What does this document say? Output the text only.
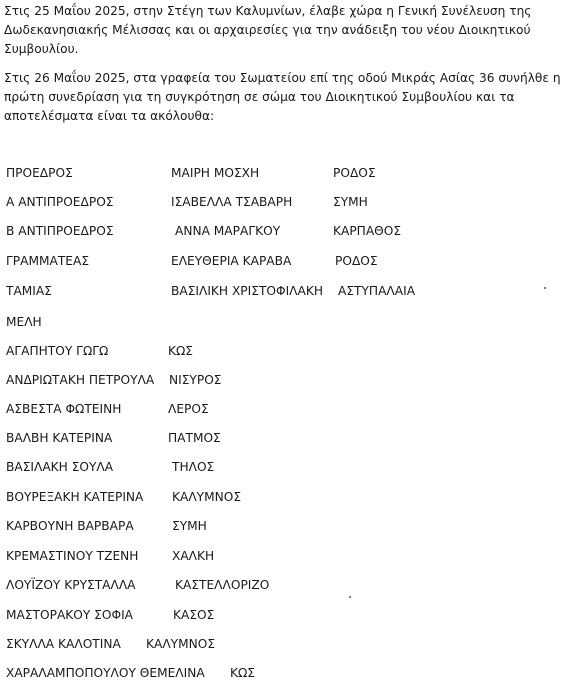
Στις 25 Μαΐου 2025, στην Στέγη των Καλυμνίων, έλαβε χώρα η Γενική Συνέλευση της Δωδεκανησιακής Μέλισσας και οι αρχαιρεσίες για την ανάδειξη του νέου Διοικητικού Συμβουλίου.

Στις 26 Μαΐου 2025, στα γραφεία του Σωματείου επί της οδού Μικράς Ασίας 36 συνήλθε η πρώτη συνεδρίαση για τη συγκρότηση σε σώμα του Διοικητικού Συμβουλίου και τα αποτελέσματα είναι τα ακόλουθα:

ΠΡΟΕΔΡΟΣ	ΜΑΙΡΗ ΜΟΣΧΗ	ΡΟΔΟΣ
Α ΑΝΤΙΠΡΟΕΔΡΟΣ	ΙΣΑΒΕΛΛΑ ΤΣΑΒΑΡΗ	ΣΥΜΗ
Β ΑΝΤΙΠΡΟΕΔΡΟΣ	ΑΝΝΑ ΜΑΡΑΓΚΟΥ	ΚΑΡΠΑΘΟΣ
ΓΡΑΜΜΑΤΕΑΣ	ΕΛΕΥΘΕΡΙΑ ΚΑΡΑΒΑ	ΡΟΔΟΣ
ΤΑΜΙΑΣ	ΒΑΣΙΛΙΚΗ ΧΡΙΣΤΟΦΙΛΑΚΗ ΑΣΤΥΠΑΛΑΙΑ
ΜΕΛΗ
ΑΓΑΠΗΤΟΥ ΓΩΓΩ	ΚΩΣ
ΑΝΔΡΙΩΤΑΚΗ ΠΕΤΡΟΥΛΑ ΝΙΣΥΡΟΣ
ΑΣΒΕΣΤΑ ΦΩΤΕΙΝΗ	ΛΕΡΟΣ
ΒΑΛΒΗ ΚΑΤΕΡΙΝΑ	ΠΑΤΜΟΣ
ΒΑΣΙΛΑΚΗ ΣΟΥΛΑ	ΤΗΛΟΣ
ΒΟΥΡΕΞΑΚΗ ΚΑΤΕΡΙΝΑ ΚΑΛΥΜΝΟΣ
ΚΑΡΒΟΥΝΗ ΒΑΡΒΑΡΑ	ΣΥΜΗ
ΚΡΕΜΑΣΤΙΝΟΥ ΤΖΕΝΗ	ΧΑΛΚΗ
ΛΟΥΪΖΟΥ ΚΡΥΣΤΑΛΛΑ	ΚΑΣΤΕΛΛΟΡΙΖΟ
ΜΑΣΤΟΡΑΚΟΥ ΣΟΦΙΑ	ΚΑΣΟΣ
ΣΚΥΛΛΑ ΚΑΛΟΤΙΝΑ ΚΑΛΥΜΝΟΣ
ΧΑΡΑΛΑΜΠΟΠΟΥΛΟΥ ΘΕΜΕΛΙΝΑ ΚΩΣ
